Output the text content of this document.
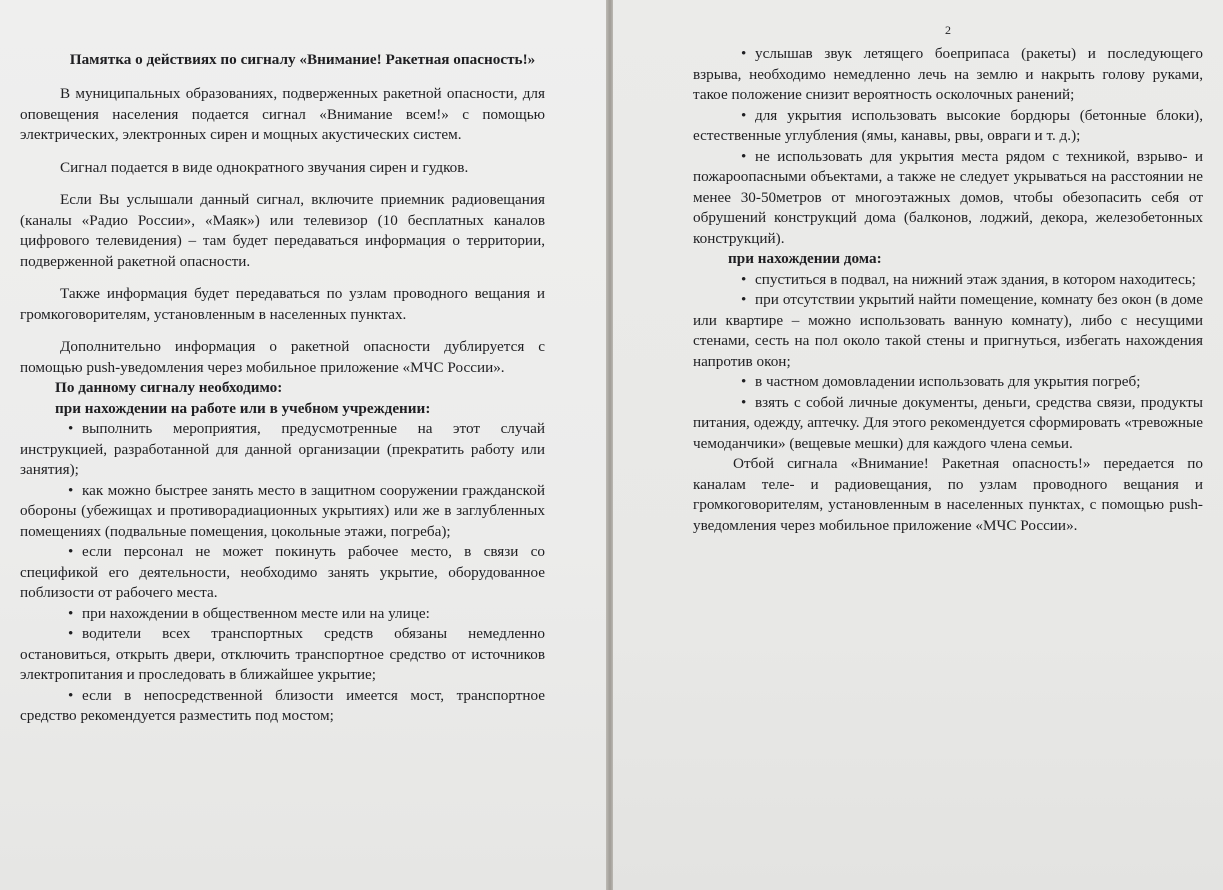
Памятка о действиях по сигналу «Внимание! Ракетная опасность!»

В муниципальных образованиях, подверженных ракетной опасности, для оповещения населения подается сигнал «Внимание всем!» с помощью электрических, электронных сирен и мощных акустических систем.

Сигнал подается в виде однократного звучания сирен и гудков.

Если Вы услышали данный сигнал, включите приемник радиовещания (каналы «Радио России», «Маяк») или телевизор (10 бесплатных каналов цифрового телевидения) – там будет передаваться информация о территории, подверженной ракетной опасности.

Также информация будет передаваться по узлам проводного вещания и громкоговорителям, установленным в населенных пунктах.

Дополнительно информация о ракетной опасности дублируется с помощью push-уведомления через мобильное приложение «МЧС России».

По данному сигналу необходимо:

при нахождении на работе или в учебном учреждении:

• выполнить мероприятия, предусмотренные на этот случай инструкцией, разработанной для данной организации (прекратить работу или занятия);

• как можно быстрее занять место в защитном сооружении гражданской обороны (убежищах и противорадиационных укрытиях) или же в заглубленных помещениях (подвальные помещения, цокольные этажи, погреба);

• если персонал не может покинуть рабочее место, в связи со спецификой его деятельности, необходимо занять укрытие, оборудованное поблизости от рабочего места.

• при нахождении в общественном месте или на улице:

• водители всех транспортных средств обязаны немедленно остановиться, открыть двери, отключить транспортное средство от источников электропитания и проследовать в ближайшее укрытие;

• если в непосредственной близости имеется мост, транспортное средство рекомендуется разместить под мостом;

2

• услышав звук летящего боеприпаса (ракеты) и последующего взрыва, необходимо немедленно лечь на землю и накрыть голову руками, такое положение снизит вероятность осколочных ранений;

• для укрытия использовать высокие бордюры (бетонные блоки), естественные углубления (ямы, канавы, рвы, овраги и т. д.);

• не использовать для укрытия места рядом с техникой, взрыво- и пожароопасными объектами, а также не следует укрываться на расстоянии не менее 30-50метров от многоэтажных домов, чтобы обезопасить себя от обрушений конструкций дома (балконов, лоджий, декора, железобетонных конструкций).

при нахождении дома:

• спуститься в подвал, на нижний этаж здания, в котором находитесь;

• при отсутствии укрытий найти помещение, комнату без окон (в доме или квартире – можно использовать ванную комнату), либо с несущими стенами, сесть на пол около такой стены и пригнуться, избегать нахождения напротив окон;

• в частном домовладении использовать для укрытия погреб;

• взять с собой личные документы, деньги, средства связи, продукты питания, одежду, аптечку. Для этого рекомендуется сформировать «тревожные чемоданчики» (вещевые мешки) для каждого члена семьи.

Отбой сигнала «Внимание! Ракетная опасность!» передается по каналам теле- и радиовещания, по узлам проводного вещания и громкоговорителям, установленным в населенных пунктах, с помощью push-уведомления через мобильное приложение «МЧС России».
